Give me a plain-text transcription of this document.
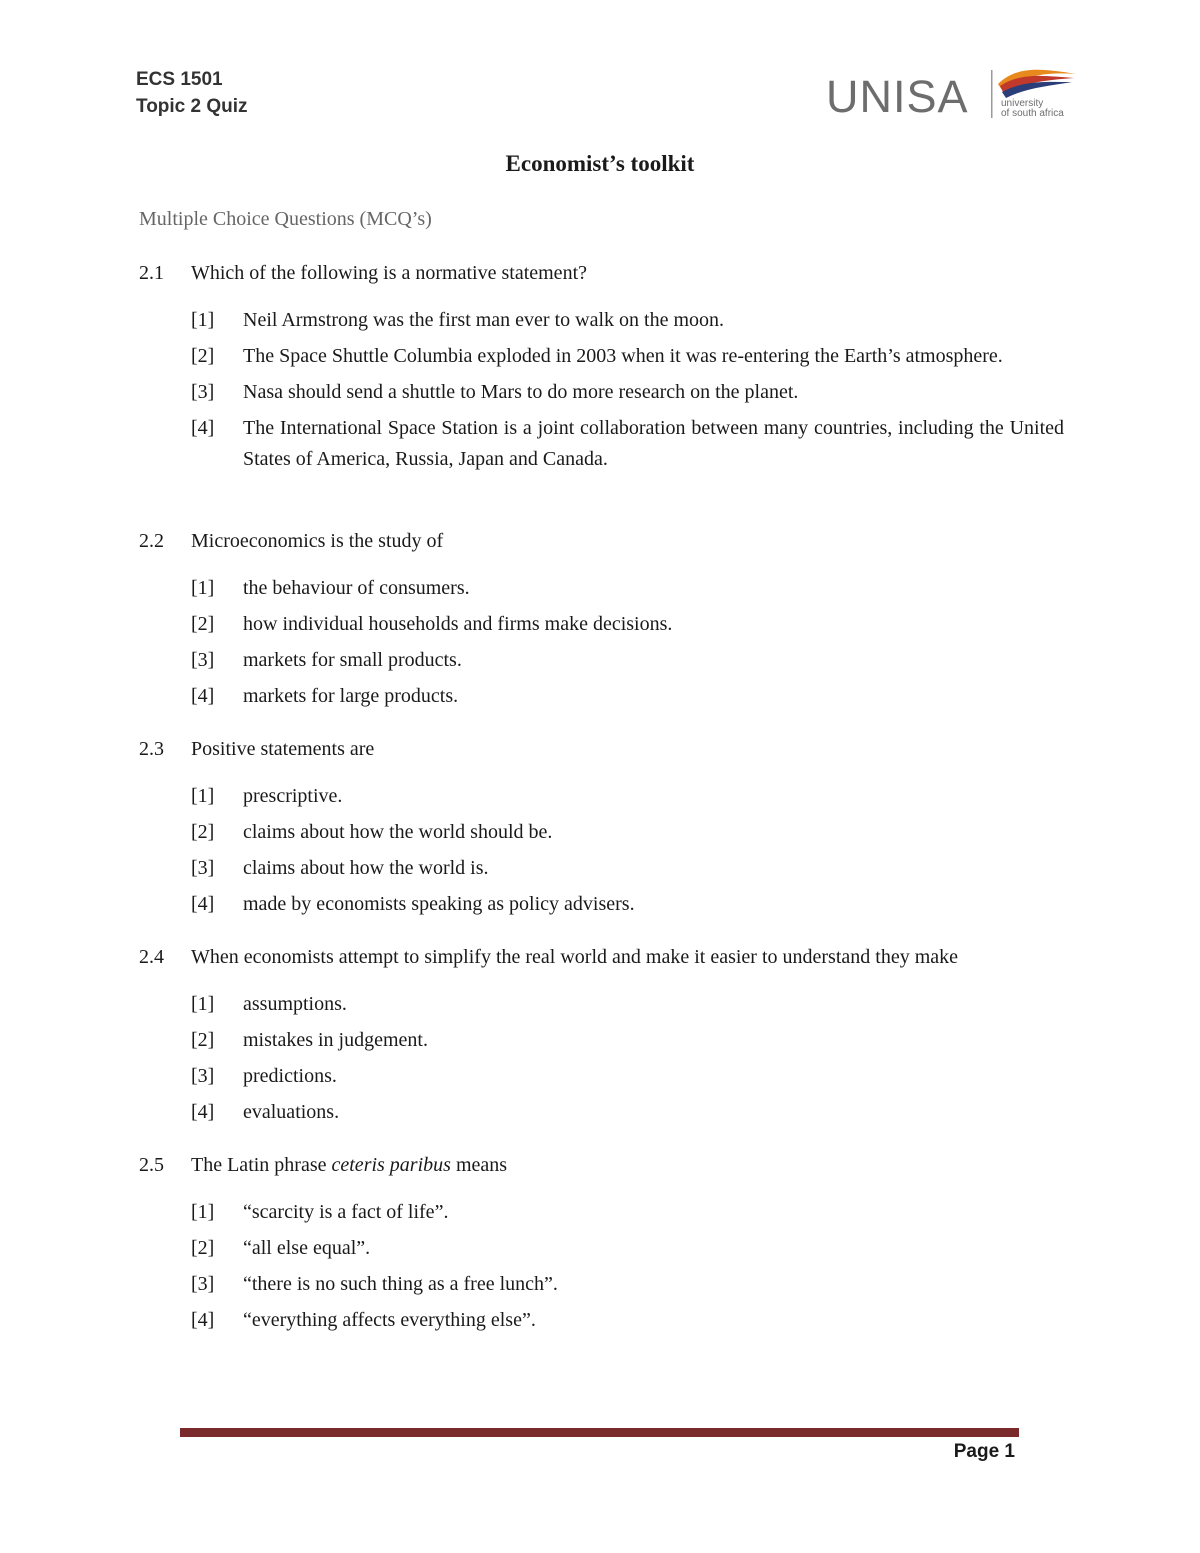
ECS 1501
Topic 2 Quiz	UNISA	university
of south africa
Economist’s toolkit
Multiple Choice Questions (MCQ’s)
2.1	Which of the following is a normative statement?
[1]	Neil Armstrong was the first man ever to walk on the moon.
[2]	The Space Shuttle Columbia exploded in 2003 when it was re-entering the Earth’s atmosphere.
[3]	Nasa should send a shuttle to Mars to do more research on the planet.
[4]	The International Space Station is a joint collaboration between many countries, including the United States of America, Russia, Japan and Canada.
2.2	Microeconomics is the study of
[1]	the behaviour of consumers.
[2]	how individual households and firms make decisions.
[3]	markets for small products.
[4]	markets for large products.
2.3	Positive statements are
[1]	prescriptive.
[2]	claims about how the world should be.
[3]	claims about how the world is.
[4]	made by economists speaking as policy advisers.
2.4	When economists attempt to simplify the real world and make it easier to understand they make
[1]	assumptions.
[2]	mistakes in judgement.
[3]	predictions.
[4]	evaluations.
2.5	The Latin phrase ceteris paribus means
[1]	“scarcity is a fact of life”.
[2]	“all else equal”.
[3]	“there is no such thing as a free lunch”.
[4]	“everything affects everything else”.
Page 1
